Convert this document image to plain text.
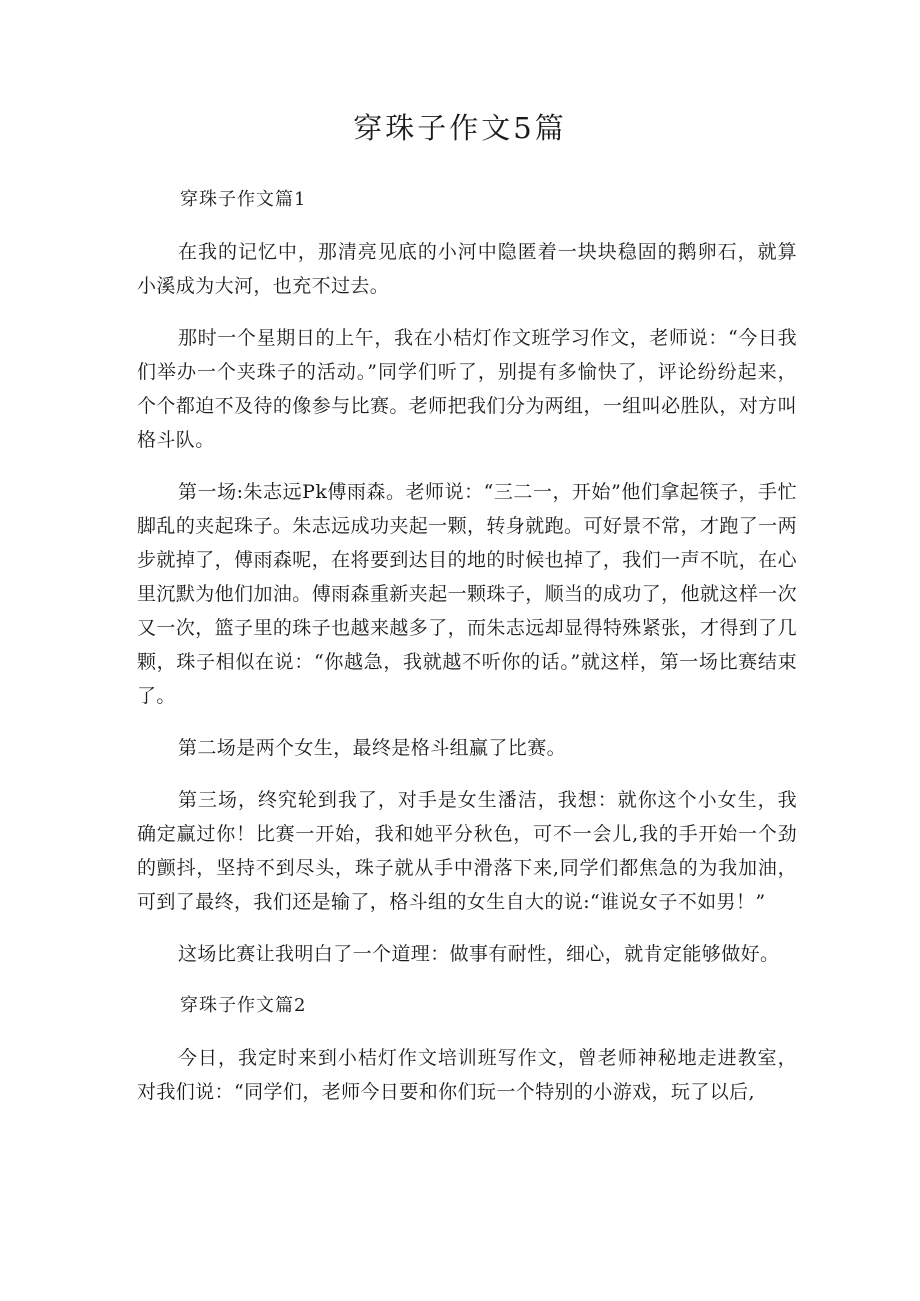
穿珠子作文5篇

穿珠子作文篇1

在我的记忆中，那清亮见底的小河中隐匿着一块块稳固的鹅卵石，就算小溪成为大河，也充不过去。

那时一个星期日的上午，我在小桔灯作文班学习作文，老师说：“今日我们举办一个夹珠子的活动。”同学们听了，别提有多愉快了，评论纷纷起来，个个都迫不及待的像参与比赛。老师把我们分为两组，一组叫必胜队，对方叫格斗队。

第一场:朱志远Pk傅雨森。老师说：“三二一，开始”他们拿起筷子，手忙脚乱的夹起珠子。朱志远成功夹起一颗，转身就跑。可好景不常，才跑了一两步就掉了，傅雨森呢，在将要到达目的地的时候也掉了，我们一声不吭，在心里沉默为他们加油。傅雨森重新夹起一颗珠子，顺当的成功了，他就这样一次又一次，篮子里的珠子也越来越多了，而朱志远却显得特殊紧张，才得到了几颗，珠子相似在说：“你越急，我就越不听你的话。”就这样，第一场比赛结束了。

第二场是两个女生，最终是格斗组赢了比赛。

第三场，终究轮到我了，对手是女生潘洁，我想：就你这个小女生，我确定赢过你！比赛一开始，我和她平分秋色，可不一会儿,我的手开始一个劲的颤抖，坚持不到尽头，珠子就从手中滑落下来,同学们都焦急的为我加油，可到了最终，我们还是输了，格斗组的女生自大的说:“谁说女子不如男！”

这场比赛让我明白了一个道理：做事有耐性，细心，就肯定能够做好。

穿珠子作文篇2

今日，我定时来到小桔灯作文培训班写作文，曾老师神秘地走进教室，对我们说：“同学们，老师今日要和你们玩一个特别的小游戏，玩了以后,
